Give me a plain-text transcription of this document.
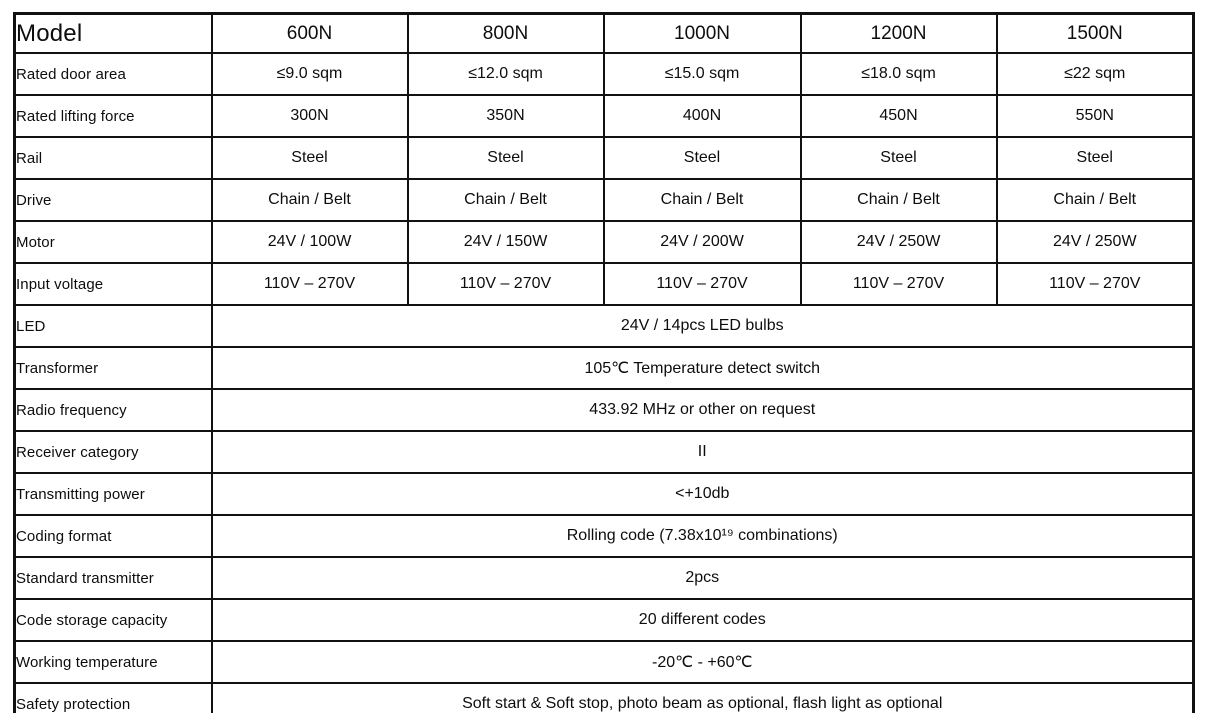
Model	600N	800N	1000N	1200N	1500N
Rated door area	≤9.0 sqm	≤12.0 sqm	≤15.0 sqm	≤18.0 sqm	≤22 sqm
Rated lifting force	300N	350N	400N	450N	550N
Rail	Steel	Steel	Steel	Steel	Steel
Drive	Chain / Belt	Chain / Belt	Chain / Belt	Chain / Belt	Chain / Belt
Motor	24V / 100W	24V / 150W	24V / 200W	24V / 250W	24V / 250W
Input voltage	110V – 270V	110V – 270V	110V – 270V	110V – 270V	110V – 270V
LED	24V / 14pcs LED bulbs				
Transformer	105℃ Temperature detect switch				
Radio frequency	433.92 MHz or other on request				
Receiver category	II				
Transmitting power	<+10db				
Coding format	Rolling code (7.38x10¹⁹ combinations)				
Standard transmitter	2pcs				
Code storage capacity	20 different codes				
Working temperature	-20℃ - +60℃				
Safety protection	Soft start & Soft stop, photo beam as optional, flash light as optional				
